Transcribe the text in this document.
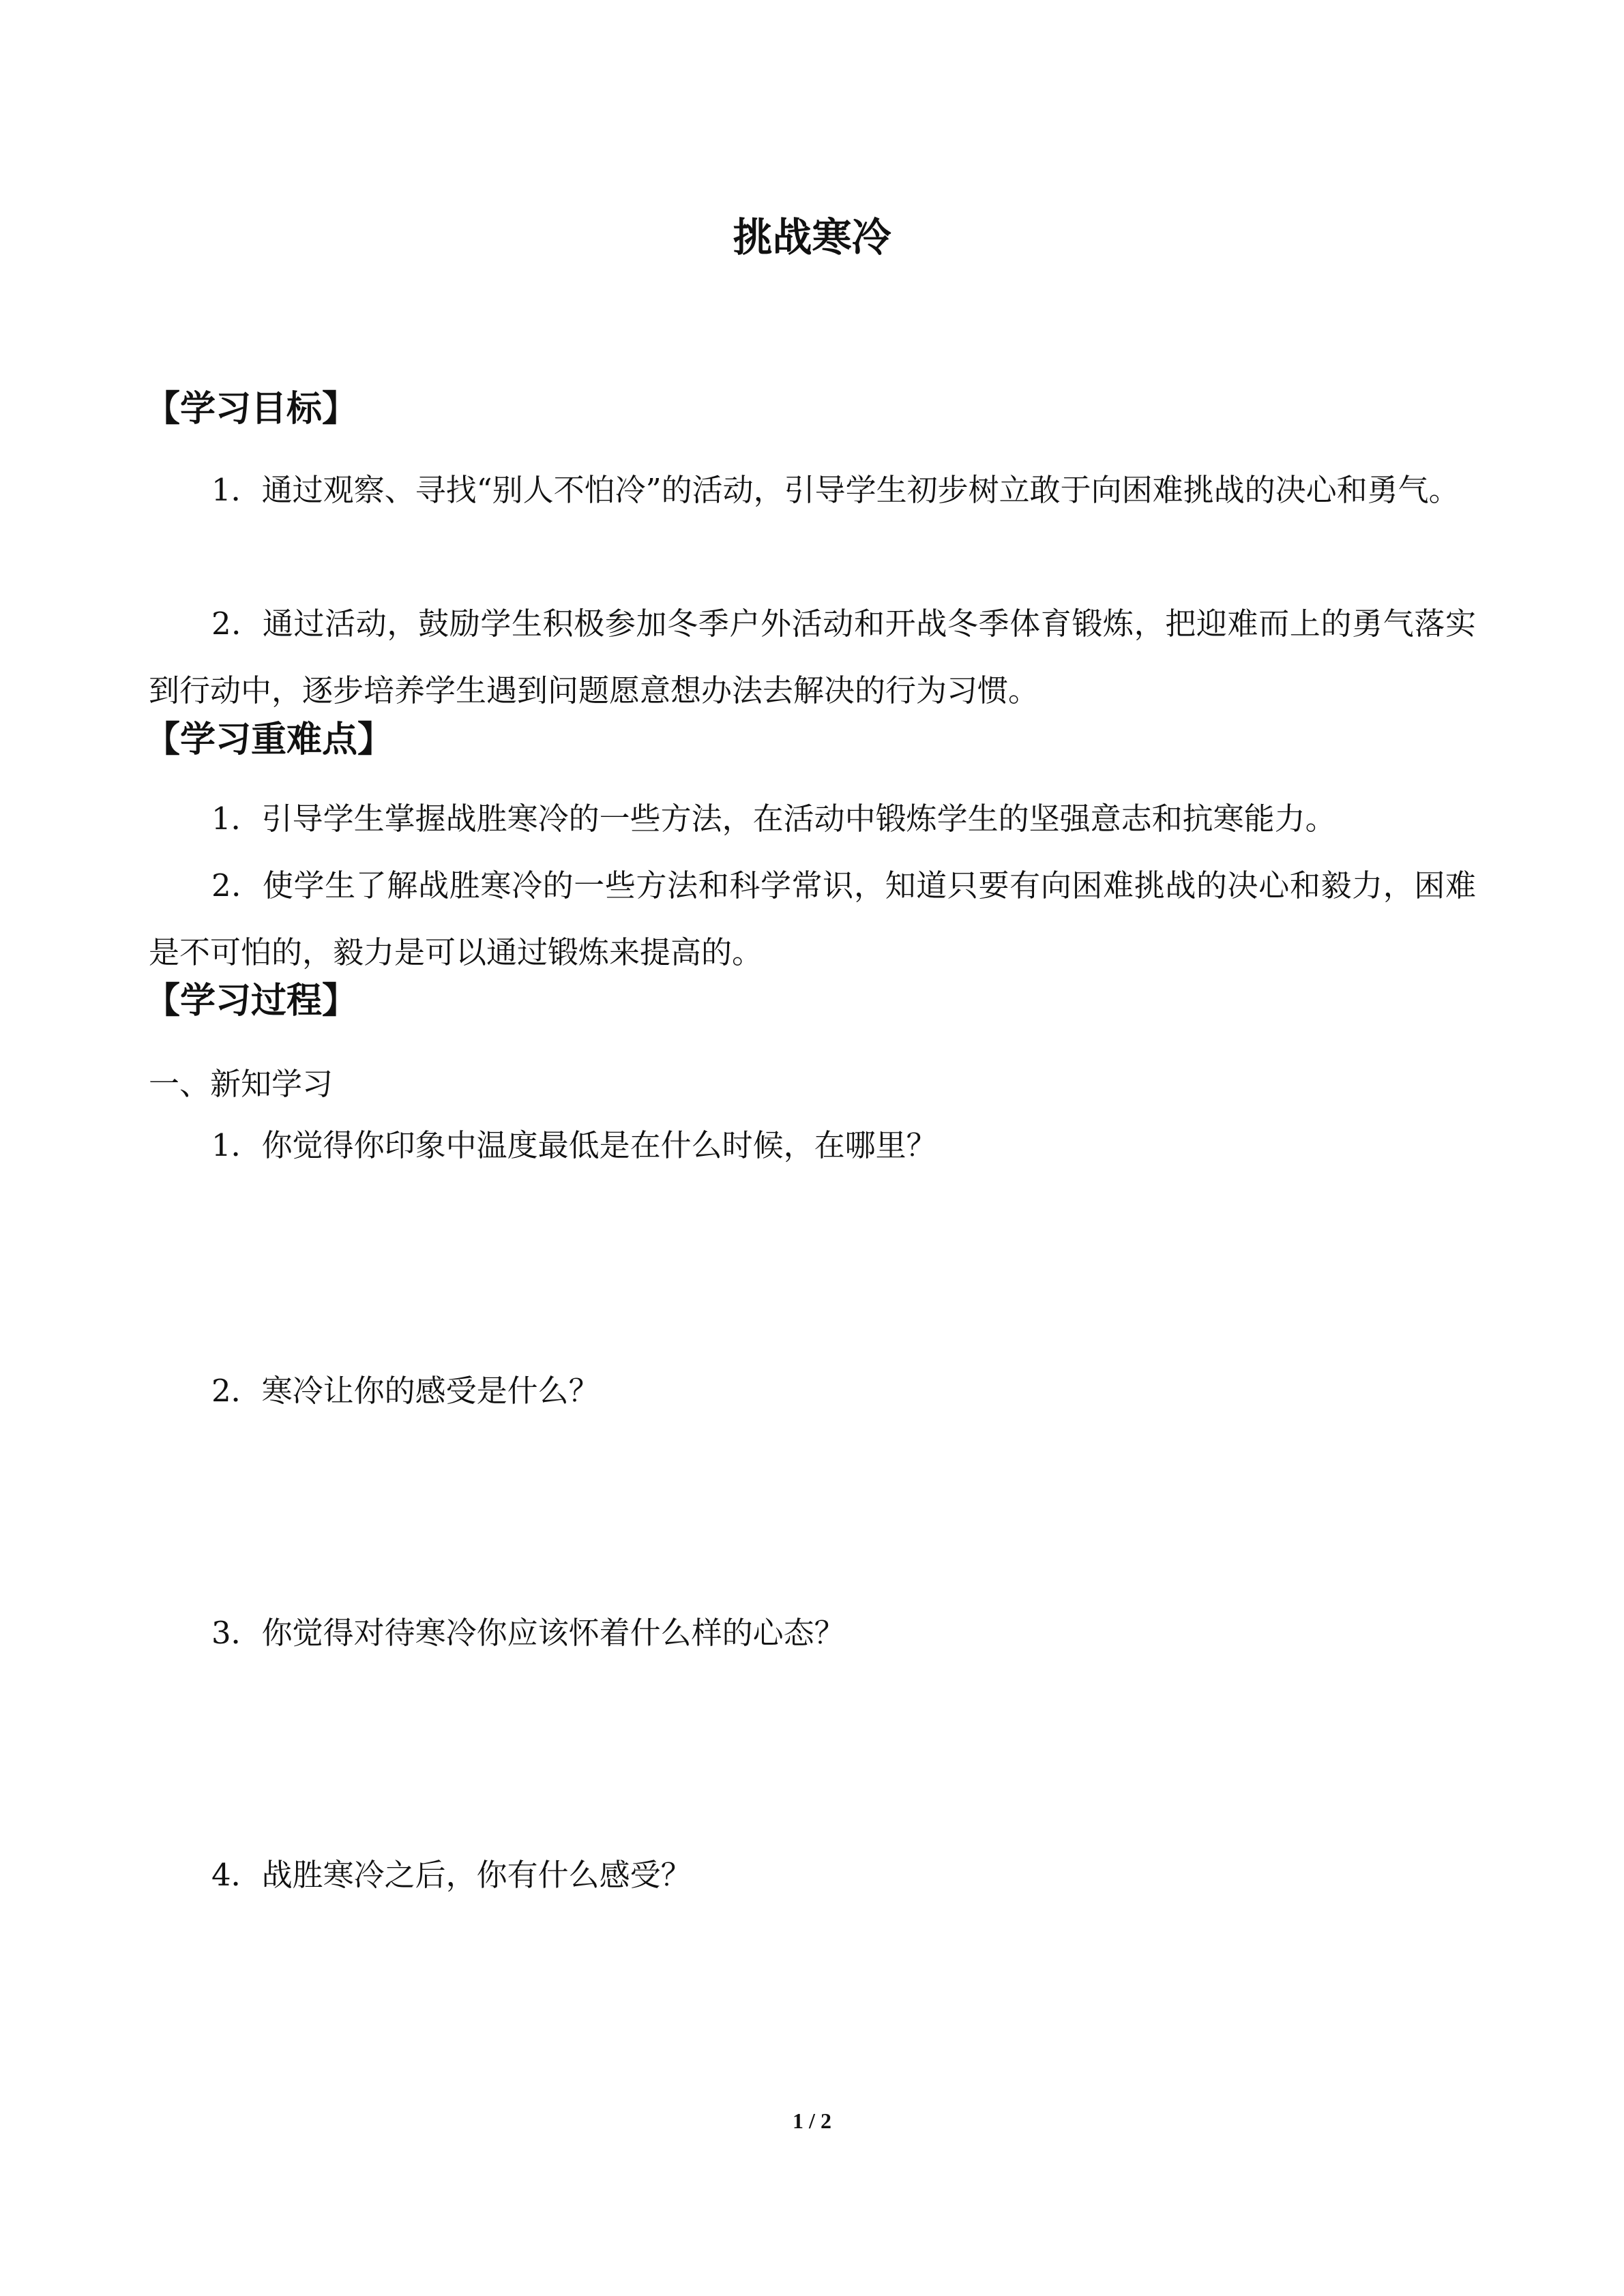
挑战寒冷
【学习目标】

1．通过观察、寻找“别人不怕冷”的活动，引导学生初步树立敢于向困难挑战的决心和勇气。

2．通过活动，鼓励学生积极参加冬季户外活动和开战冬季体育锻炼，把迎难而上的勇气落实到行动中，逐步培养学生遇到问题愿意想办法去解决的行为习惯。

【学习重难点】

1．引导学生掌握战胜寒冷的一些方法，在活动中锻炼学生的坚强意志和抗寒能力。

2．使学生了解战胜寒冷的一些方法和科学常识，知道只要有向困难挑战的决心和毅力，困难是不可怕的，毅力是可以通过锻炼来提高的。

【学习过程】
一、新知学习
1．你觉得你印象中温度最低是在什么时候，在哪里？
2．寒冷让你的感受是什么？
3．你觉得对待寒冷你应该怀着什么样的心态？
4．战胜寒冷之后，你有什么感受？
1 / 2
